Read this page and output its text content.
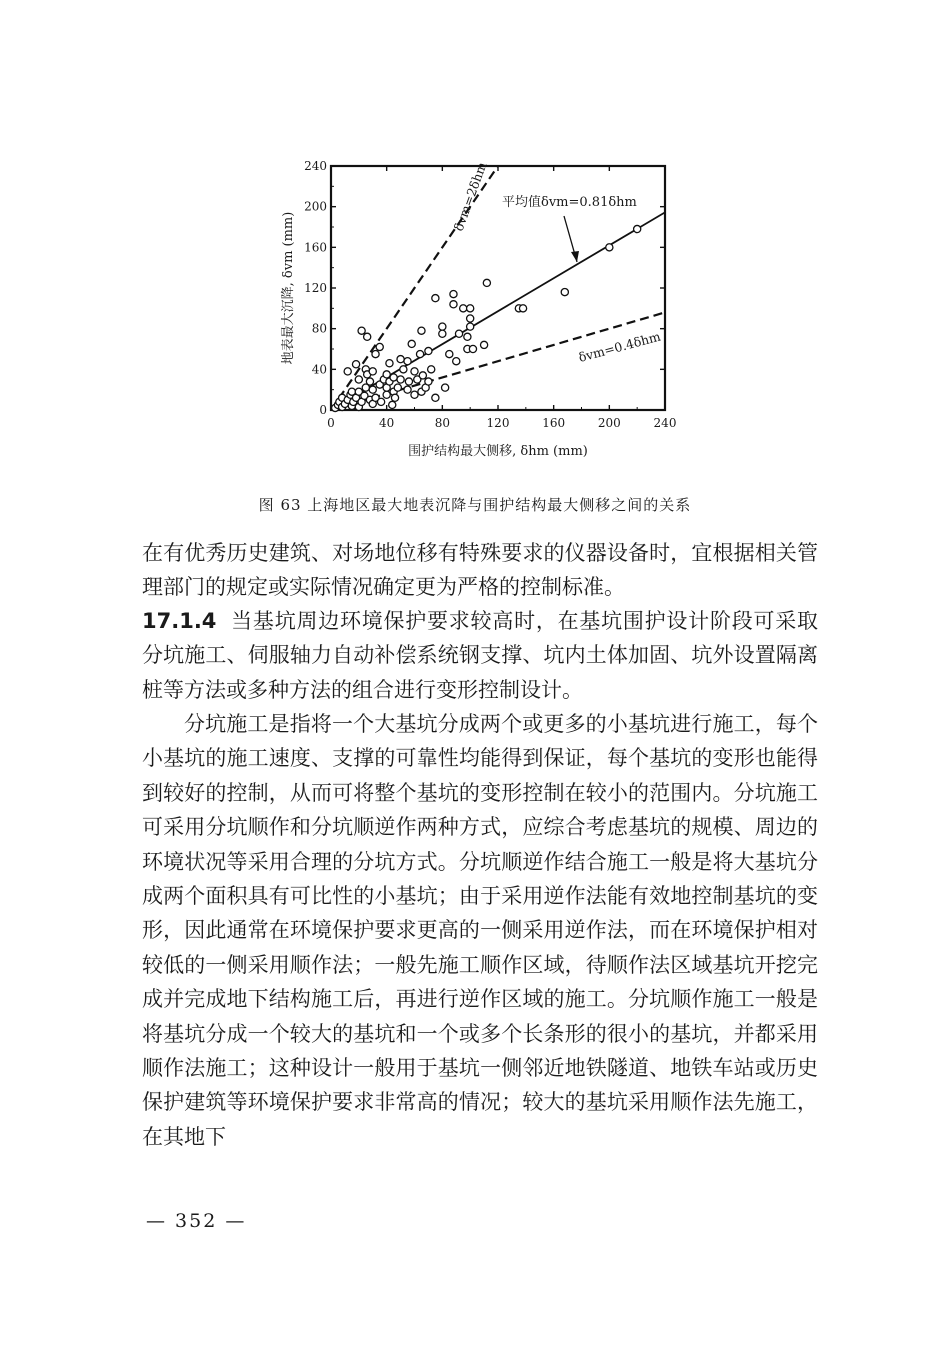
0	40	80	120	160	200	240
0
40
80
120
160
200
240
围护结构最大侧移, δhm (mm)
地表最大沉降, δvm (mm)
δvm=2δhm 平均值δvm=0.81δhm
δvm=0.4δhm
图 63 上海地区最大地表沉降与围护结构最大侧移之间的关系

在有优秀历史建筑、对场地位移有特殊要求的仪器设备时，宜根据相关管理部门的规定或实际情况确定更为严格的控制标准。

17.1.4 当基坑周边环境保护要求较高时，在基坑围护设计阶段可采取分坑施工、伺服轴力自动补偿系统钢支撑、坑内土体加固、坑外设置隔离桩等方法或多种方法的组合进行变形控制设计。

分坑施工是指将一个大基坑分成两个或更多的小基坑进行施工，每个小基坑的施工速度、支撑的可靠性均能得到保证，每个基坑的变形也能得到较好的控制，从而可将整个基坑的变形控制在较小的范围内。分坑施工可采用分坑顺作和分坑顺逆作两种方式，应综合考虑基坑的规模、周边的环境状况等采用合理的分坑方式。分坑顺逆作结合施工一般是将大基坑分成两个面积具有可比性的小基坑；由于采用逆作法能有效地控制基坑的变形，因此通常在环境保护要求更高的一侧采用逆作法，而在环境保护相对较低的一侧采用顺作法；一般先施工顺作区域，待顺作法区域基坑开挖完成并完成地下结构施工后，再进行逆作区域的施工。分坑顺作施工一般是将基坑分成一个较大的基坑和一个或多个长条形的很小的基坑，并都采用顺作法施工；这种设计一般用于基坑一侧邻近地铁隧道、地铁车站或历史保护建筑等环境保护要求非常高的情况；较大的基坑采用顺作法先施工，在其地下

— 352 —
